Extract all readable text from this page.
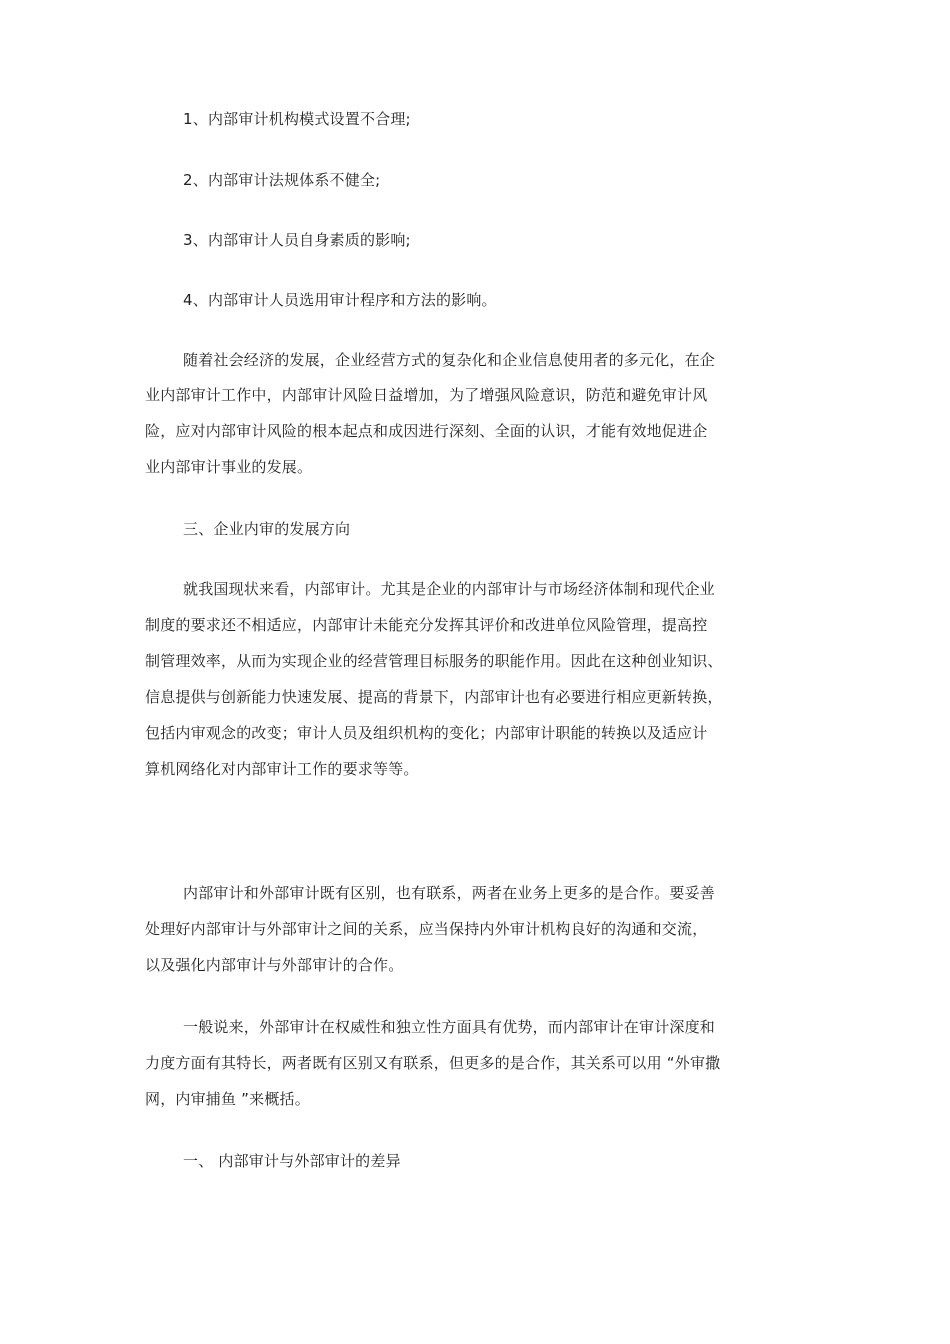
1、内部审计机构模式设置不合理;
2、内部审计法规体系不健全;
3、内部审计人员自身素质的影响;
4、内部审计人员选用审计程序和方法的影响。
随着社会经济的发展，企业经营方式的复杂化和企业信息使用者的多元化，在企
业内部审计工作中，内部审计风险日益增加，为了增强风险意识，防范和避免审计风
险，应对内部审计风险的根本起点和成因进行深刻、全面的认识，才能有效地促进企
业内部审计事业的发展。
三、企业内审的发展方向
就我国现状来看，内部审计。尤其是企业的内部审计与市场经济体制和现代企业
制度的要求还不相适应，内部审计未能充分发挥其评价和改进单位风险管理，提高控
制管理效率，从而为实现企业的经营管理目标服务的职能作用。因此在这种创业知识、
信息提供与创新能力快速发展、提高的背景下，内部审计也有必要进行相应更新转换，
包括内审观念的改变；审计人员及组织机构的变化；内部审计职能的转换以及适应计
算机网络化对内部审计工作的要求等等。
内部审计和外部审计既有区别，也有联系，两者在业务上更多的是合作。要妥善
处理好内部审计与外部审计之间的关系，应当保持内外审计机构良好的沟通和交流，
以及强化内部审计与外部审计的合作。
一般说来，外部审计在权威性和独立性方面具有优势，而内部审计在审计深度和
力度方面有其特长，两者既有区别又有联系，但更多的是合作，其关系可以用 “外审撒
网，内审捕鱼 ”来概括。
一、 内部审计与外部审计的差异
